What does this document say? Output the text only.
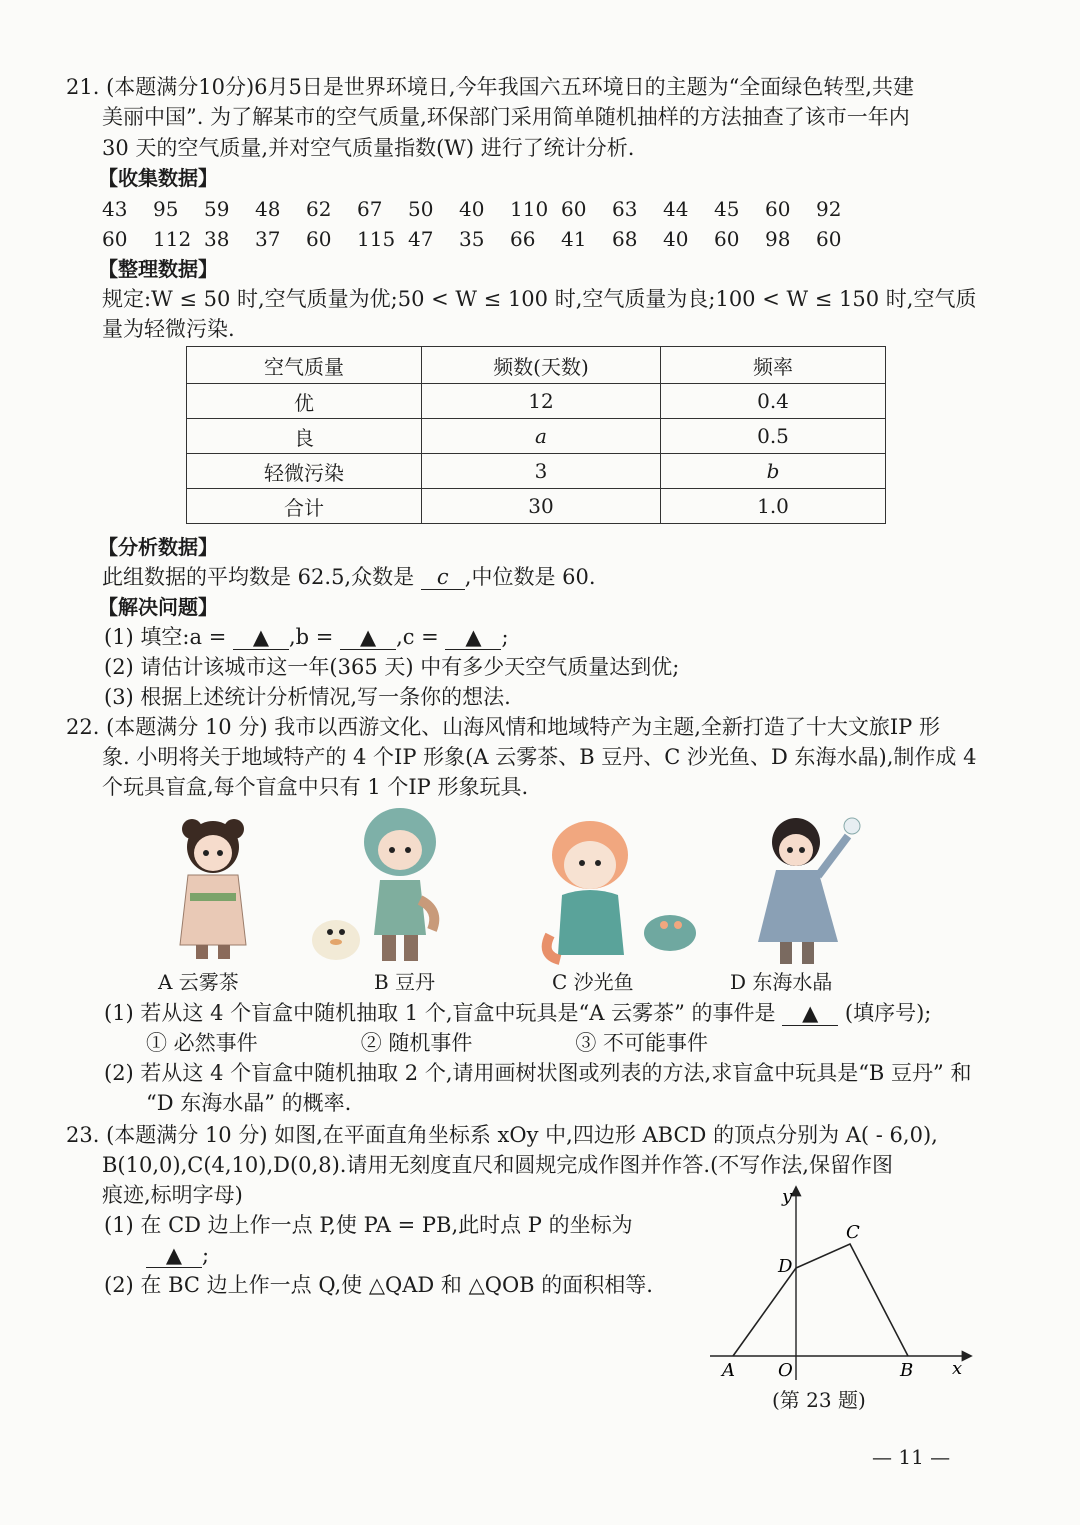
21. (本题满分10分)6月5日是世界环境日,今年我国六五环境日的主题为“全面绿色转型,共建
美丽中国”. 为了解某市的空气质量,环保部门采用简单随机抽样的方法抽查了该市一年内
30 天的空气质量,并对空气质量指数(W) 进行了统计分析.
【收集数据】
43 95 59 48 62 67 50 40 110 60 63 44 45 60 92
60 112 38 37 60 115 47 35 66 41 68 40 60 98 60
【整理数据】
规定:W ≤ 50 时,空气质量为优;50 < W ≤ 100 时,空气质量为良;100 < W ≤ 150 时,空气质
量为轻微污染.
空气质量	频数(天数)	频率
优	12	0.4
良	a	0.5
轻微污染	3	b
合计	30	1.0
【分析数据】
此组数据的平均数是 62.5,众数是 c ,中位数是 60.
【解决问题】
(1) 填空:a = ▲ ,b = ▲ ,c = ▲ ;
(2) 请估计该城市这一年(365 天) 中有多少天空气质量达到优;
(3) 根据上述统计分析情况,写一条你的想法.
22. (本题满分 10 分) 我市以西游文化、山海风情和地域特产为主题,全新打造了十大文旅IP 形
象. 小明将关于地域特产的 4 个IP 形象(A 云雾茶、B 豆丹、C 沙光鱼、D 东海水晶),制作成 4
个玩具盲盒,每个盲盒中只有 1 个IP 形象玩具.
A 云雾茶	B 豆丹	C 沙光鱼	D 东海水晶
(1) 若从这 4 个盲盒中随机抽取 1 个,盲盒中玩具是“A 云雾茶” 的事件是 ▲ (填序号);
① 必然事件	② 随机事件	③ 不可能事件
(2) 若从这 4 个盲盒中随机抽取 2 个,请用画树状图或列表的方法,求盲盒中玩具是“B 豆丹” 和
“D 东海水晶” 的概率.
23. (本题满分 10 分) 如图,在平面直角坐标系 xOy 中,四边形 ABCD 的顶点分别为 A( - 6,0),
B(10,0),C(4,10),D(0,8).请用无刻度直尺和圆规完成作图并作答.(不写作法,保留作图
痕迹,标明字母)
(1) 在 CD 边上作一点 P,使 PA = PB,此时点 P 的坐标为
▲ ;
(2) 在 BC 边上作一点 Q,使 △QAD 和 △QOB 的面积相等.
y
x
A O	B
C
D
(第 23 题)
— 11 —
